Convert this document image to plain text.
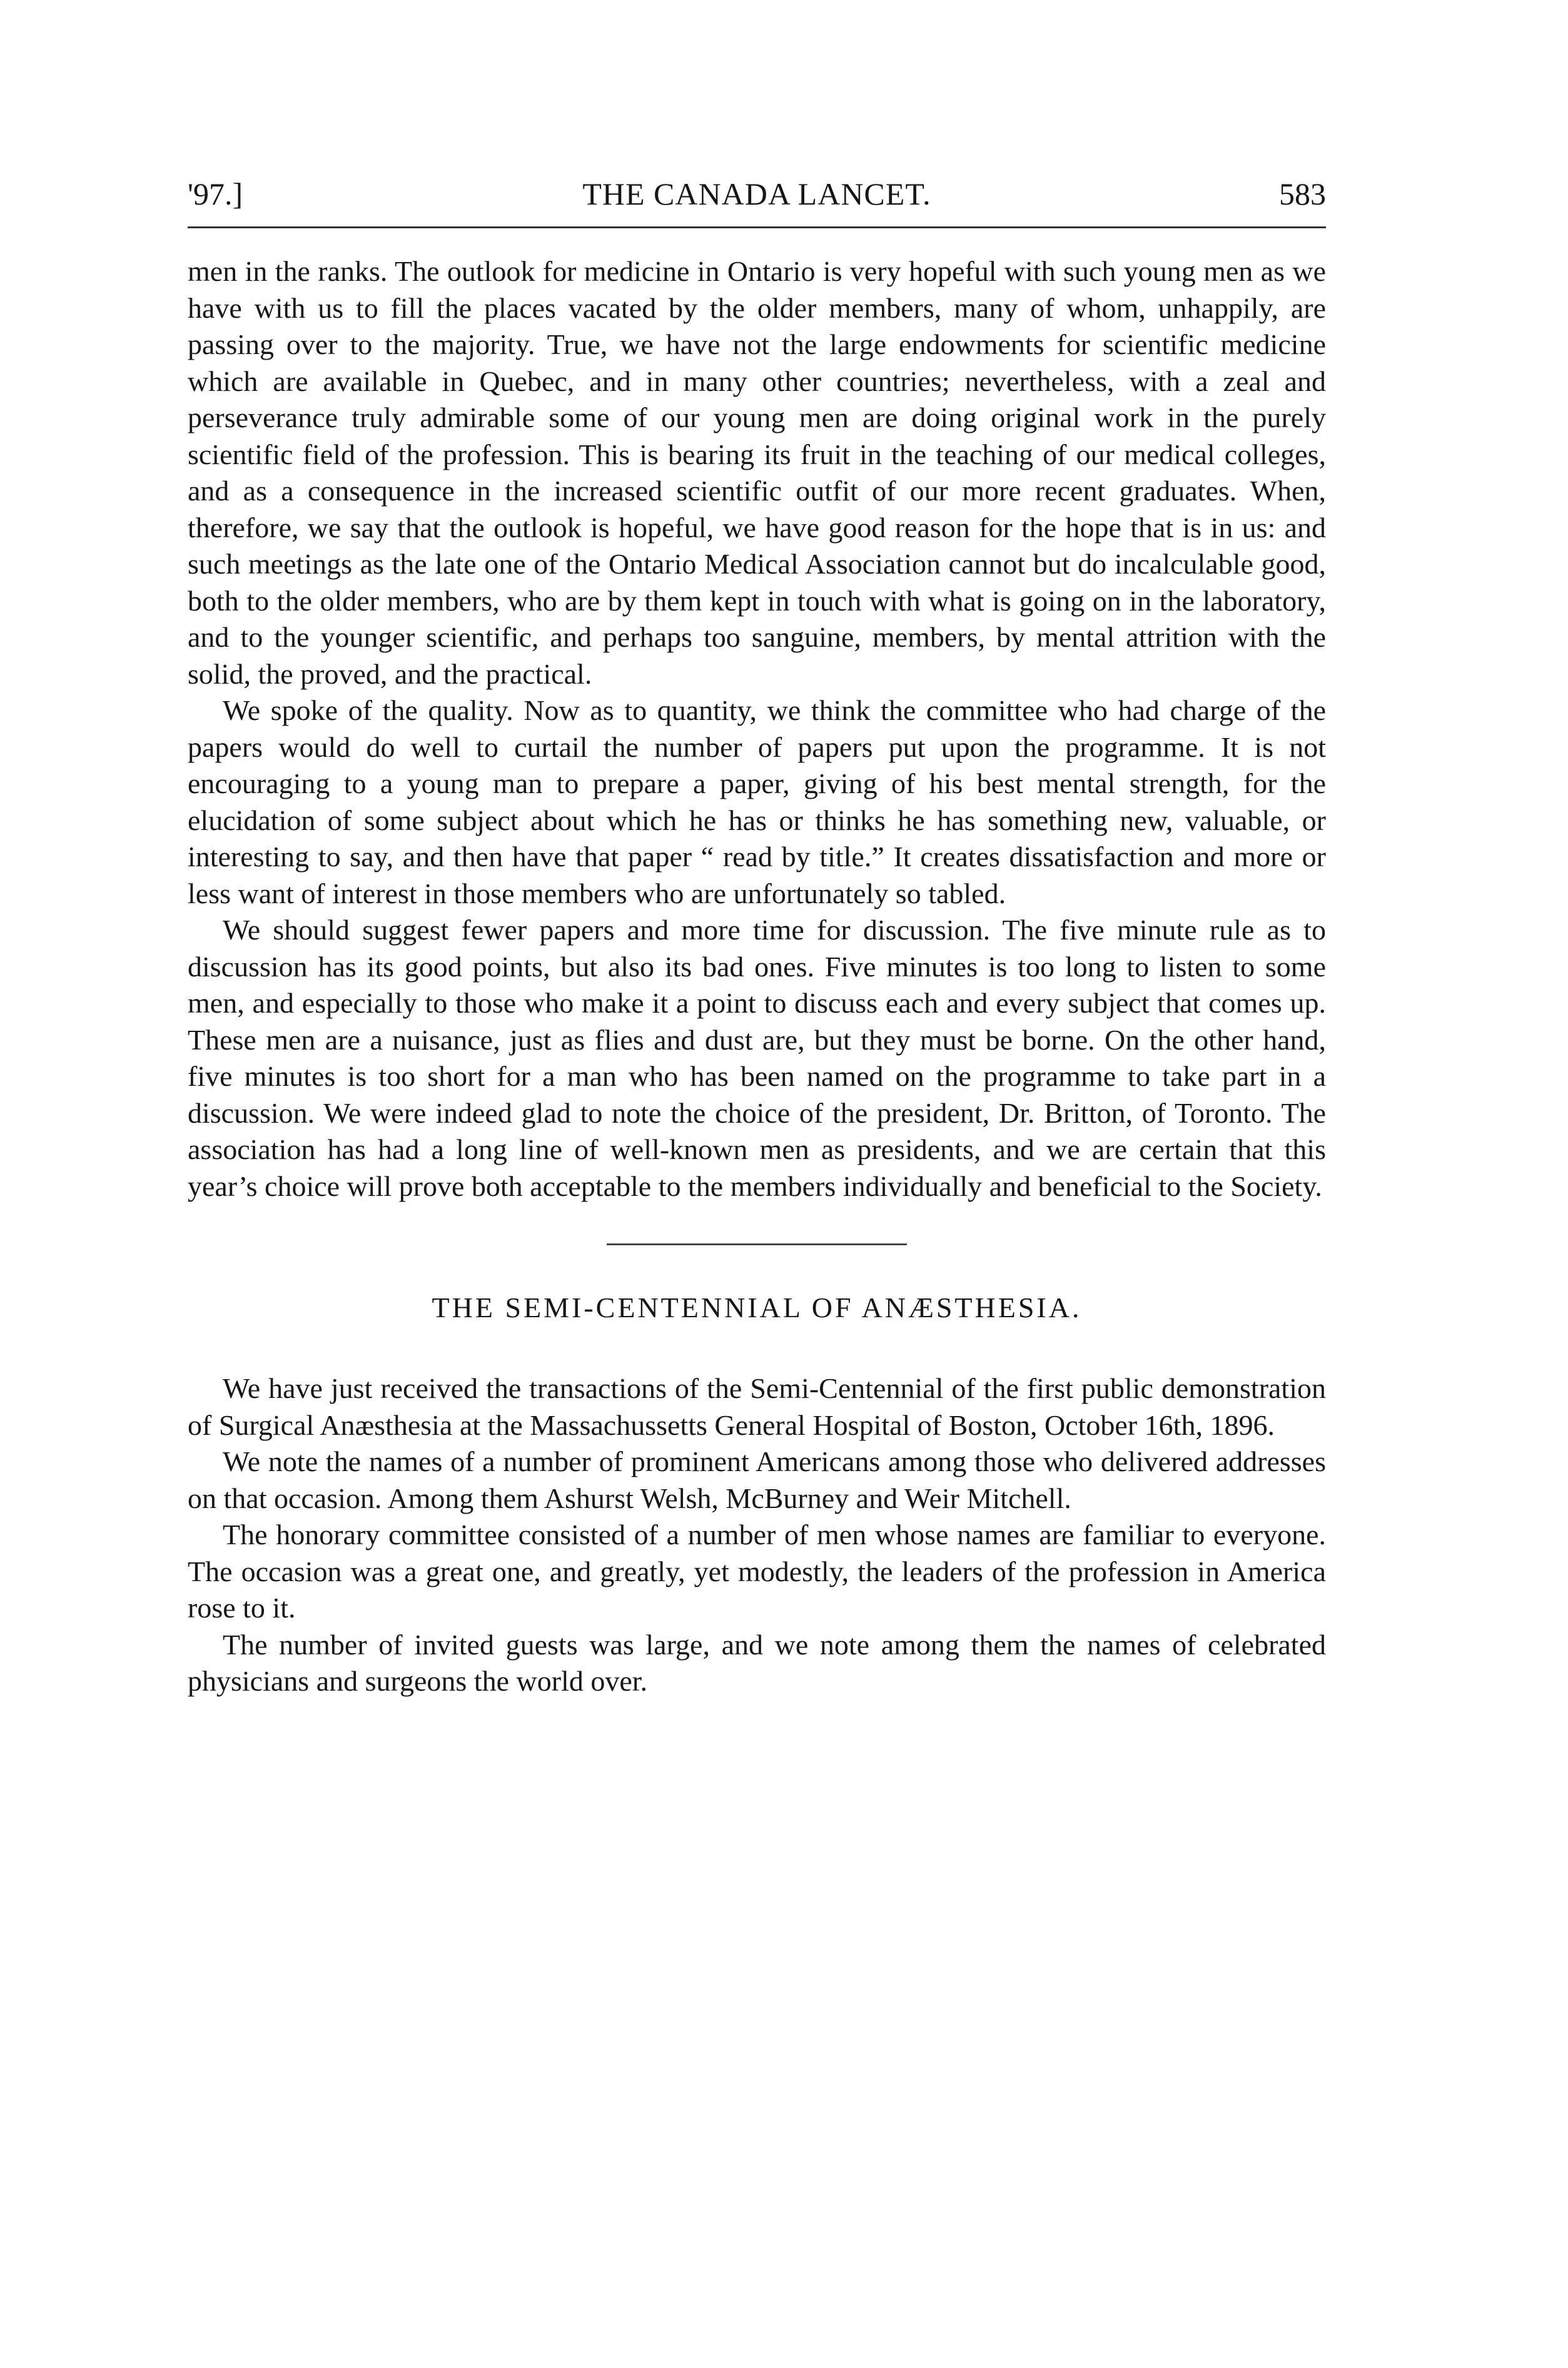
'97.]	THE CANADA LANCET.	583

men in the ranks. The outlook for medicine in Ontario is very hopeful with such young men as we have with us to fill the places vacated by the older members, many of whom, unhappily, are passing over to the majority. True, we have not the large endowments for scientific medicine which are available in Quebec, and in many other countries; nevertheless, with a zeal and perseverance truly admirable some of our young men are doing original work in the purely scientific field of the profession. This is bearing its fruit in the teaching of our medical colleges, and as a consequence in the increased scientific outfit of our more recent graduates. When, therefore, we say that the outlook is hopeful, we have good reason for the hope that is in us: and such meetings as the late one of the Ontario Medical Association cannot but do incalculable good, both to the older members, who are by them kept in touch with what is going on in the laboratory, and to the younger scientific, and perhaps too sanguine, members, by mental attrition with the solid, the proved, and the practical.

We spoke of the quality. Now as to quantity, we think the committee who had charge of the papers would do well to curtail the number of papers put upon the programme. It is not encouraging to a young man to prepare a paper, giving of his best mental strength, for the elucidation of some subject about which he has or thinks he has something new, valuable, or interesting to say, and then have that paper “ read by title.” It creates dissatisfaction and more or less want of interest in those members who are unfortunately so tabled.

We should suggest fewer papers and more time for discussion. The five minute rule as to discussion has its good points, but also its bad ones. Five minutes is too long to listen to some men, and especially to those who make it a point to discuss each and every subject that comes up. These men are a nuisance, just as flies and dust are, but they must be borne. On the other hand, five minutes is too short for a man who has been named on the programme to take part in a discussion. We were indeed glad to note the choice of the president, Dr. Britton, of Toronto. The association has had a long line of well-known men as presidents, and we are certain that this year’s choice will prove both acceptable to the members individually and beneficial to the Society.

THE SEMI-CENTENNIAL OF ANÆSTHESIA.

We have just received the transactions of the Semi-Centennial of the first public demonstration of Surgical Anæsthesia at the Massachussetts General Hospital of Boston, October 16th, 1896.

We note the names of a number of prominent Americans among those who delivered addresses on that occasion. Among them Ashurst Welsh, McBurney and Weir Mitchell.

The honorary committee consisted of a number of men whose names are familiar to everyone. The occasion was a great one, and greatly, yet modestly, the leaders of the profession in America rose to it.

The number of invited guests was large, and we note among them the names of celebrated physicians and surgeons the world over.
